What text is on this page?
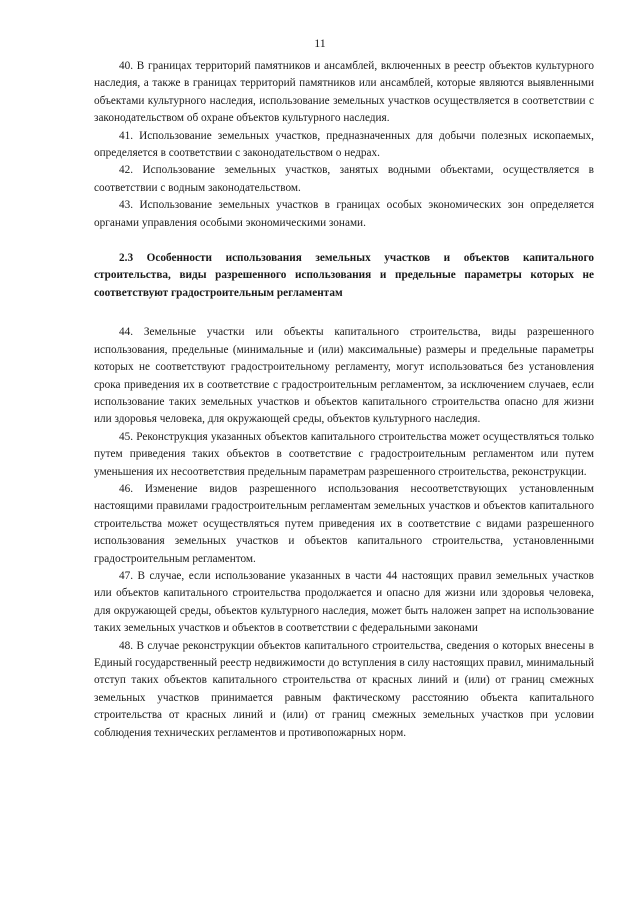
11

40. В границах территорий памятников и ансамблей, включенных в реестр объектов культурного наследия, а также в границах территорий памятников или ансамблей, которые являются выявленными объектами культурного наследия, использование земельных участков осуществляется в соответствии с законодательством об охране объектов культурного наследия.

41. Использование земельных участков, предназначенных для добычи полезных ископаемых, определяется в соответствии с законодательством о недрах.

42. Использование земельных участков, занятых водными объектами, осуществляется в соответствии с водным законодательством.

43. Использование земельных участков в границах особых экономических зон определяется органами управления особыми экономическими зонами.

2.3 Особенности использования земельных участков и объектов капитального строительства, виды разрешенного использования и предельные параметры которых не соответствуют градостроительным регламентам

44. Земельные участки или объекты капитального строительства, виды разрешенного использования, предельные (минимальные и (или) максимальные) размеры и предельные параметры которых не соответствуют градостроительному регламенту, могут использоваться без установления срока приведения их в соответствие с градостроительным регламентом, за исключением случаев, если использование таких земельных участков и объектов капитального строительства опасно для жизни или здоровья человека, для окружающей среды, объектов культурного наследия.

45. Реконструкция указанных объектов капитального строительства может осуществляться только путем приведения таких объектов в соответствие с градостроительным регламентом или путем уменьшения их несоответствия предельным параметрам разрешенного строительства, реконструкции.

46. Изменение видов разрешенного использования несоответствующих установленным настоящими правилами градостроительным регламентам земельных участков и объектов капитального строительства может осуществляться путем приведения их в соответствие с видами разрешенного использования земельных участков и объектов капитального строительства, установленными градостроительным регламентом.

47. В случае, если использование указанных в части 44 настоящих правил земельных участков или объектов капитального строительства продолжается и опасно для жизни или здоровья человека, для окружающей среды, объектов культурного наследия, может быть наложен запрет на использование таких земельных участков и объектов в соответствии с федеральными законами

48. В случае реконструкции объектов капитального строительства, сведения о которых внесены в Единый государственный реестр недвижимости до вступления в силу настоящих правил, минимальный отступ таких объектов капитального строительства от красных линий и (или) от границ смежных земельных участков принимается равным фактическому расстоянию объекта капитального строительства от красных линий и (или) от границ смежных земельных участков при условии соблюдения технических регламентов и противопожарных норм.
